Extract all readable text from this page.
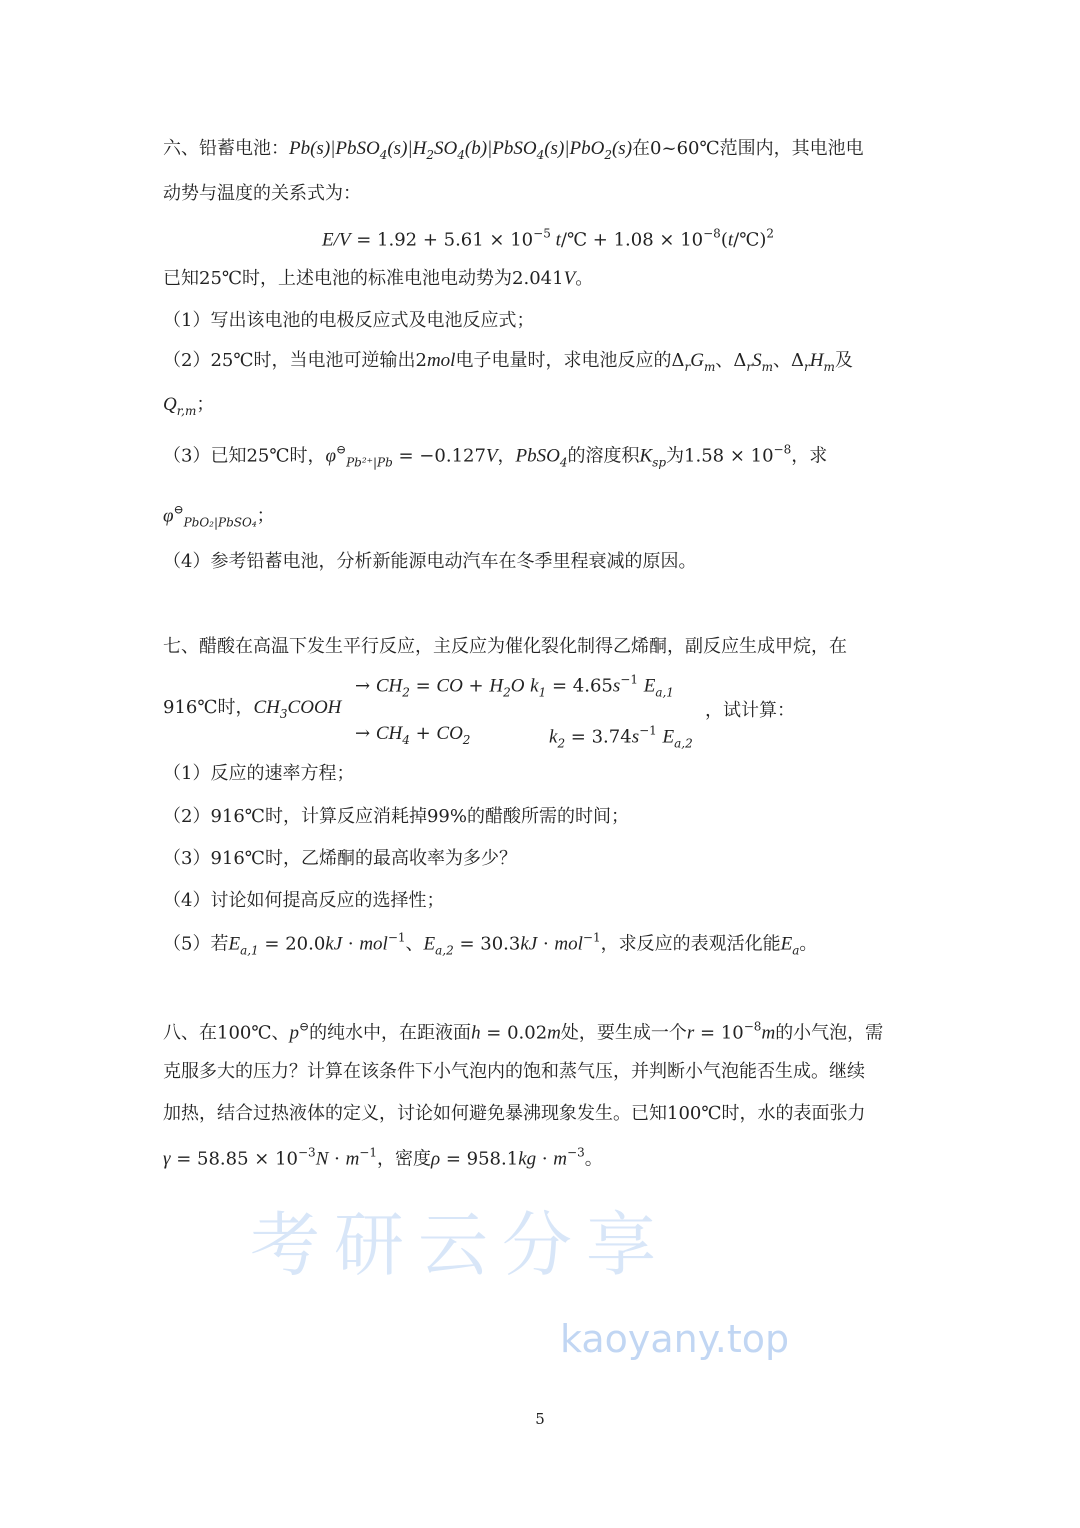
六、铅蓄电池：$Pb(s)|PbSO_4(s)|H_2SO_4(b)|PbSO_4(s)|PbO_2(s)$在0~60℃范围内，其电池电
动势与温度的关系式为：
$E/V = 1.92 + 5.61 \times 10^{-5}$ t/℃ + $1.08 \times 10^{-8}(t/℃)^2$
已知25℃时，上述电池的标准电池电动势为2.041V。
（1）写出该电池的电极反应式及电池反应式；
（2）25℃时，当电池可逆输出2mol电子电量时，求电池反应的$\Delta_rG_m$、$\Delta_rS_m$、$\Delta_rH_m$及
$Q_{r,m}$；
（3）已知25℃时，$\varphi^⊖_{Pb^{2+}|Pb} = -0.127V$，PbSO$_4$的溶度积$K_{sp}$为$1.58 \times 10^{-8}$，求
$\varphi^⊖_{PbO_2|PbSO_4}$；
（4）参考铅蓄电池，分析新能源电动汽车在冬季里程衰减的原因。
七、醋酸在高温下发生平行反应，主反应为催化裂化制得乙烯酮，副反应生成甲烷，在
→ $CH_2$ = CO + $H_2O$ $k_1 = 4.65s^{-1}$ $E_{a,1}$
916℃时，$CH_3COOH$	，试计算：
→ $CH_4 + CO_2$	$k_2 = 3.74s^{-1}$ $E_{a,2}$
（1）反应的速率方程；
（2）916℃时，计算反应消耗掉99%的醋酸所需的时间；
（3）916℃时，乙烯酮的最高收率为多少？
（4）讨论如何提高反应的选择性；
（5）若$E_{a,1} = 20.0kJ \cdot mol^{-1}$、$E_{a,2} = 30.3kJ \cdot mol^{-1}$，求反应的表观活化能$E_a$。
八、在100℃、p⊖的纯水中，在距液面h = 0.02m处，要生成一个$r = 10^{-8}m$的小气泡，需
克服多大的压力？计算在该条件下小气泡内的饱和蒸气压，并判断小气泡能否生成。继续
加热，结合过热液体的定义，讨论如何避免暴沸现象发生。已知100℃时，水的表面张力
$\gamma = 58.85 \times 10^{-3}N \cdot m^{-1}$，密度$\rho = 958.1kg \cdot m^{-3}$。
考研云分享
kaoyany.top
5
